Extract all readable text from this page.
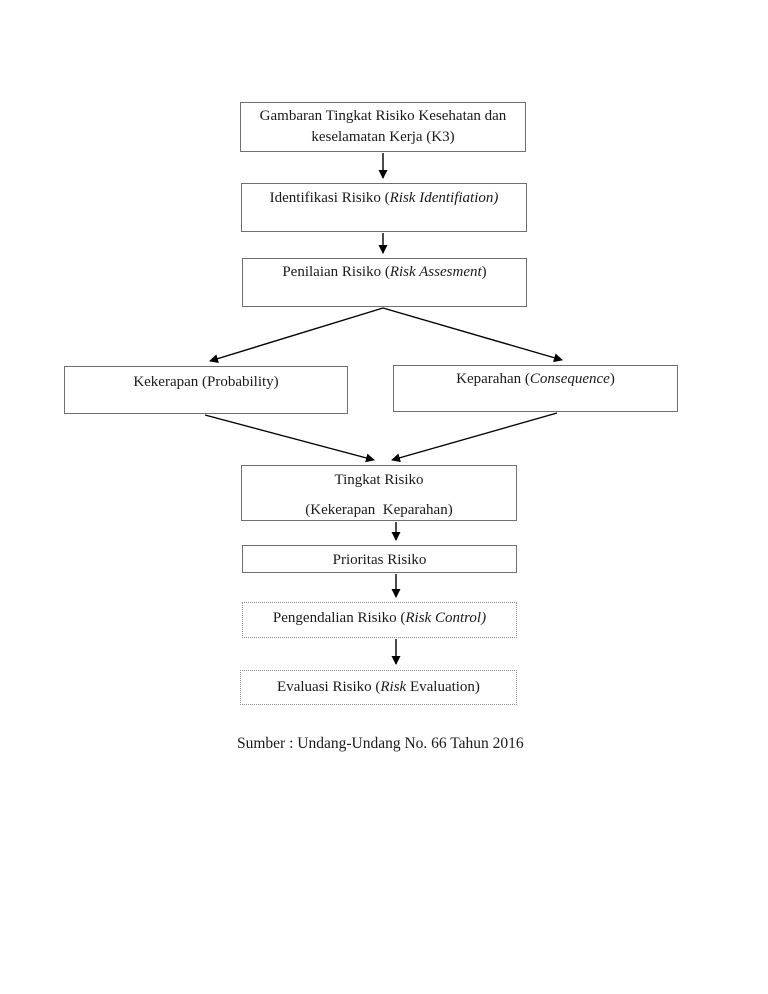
Gambaran Tingkat Risiko Kesehatan dan
keselamatan Kerja (K3)
Identifikasi Risiko (Risk Identifiation)
Penilaian Risiko (Risk Assesment)
Kekerapan (Probability)	Keparahan (Consequence)
Tingkat Risiko
(Kekerapan  Keparahan)
Prioritas Risiko
Pengendalian Risiko (Risk Control)
Evaluasi Risiko (Risk Evaluation)
Sumber : Undang-Undang No. 66 Tahun 2016
